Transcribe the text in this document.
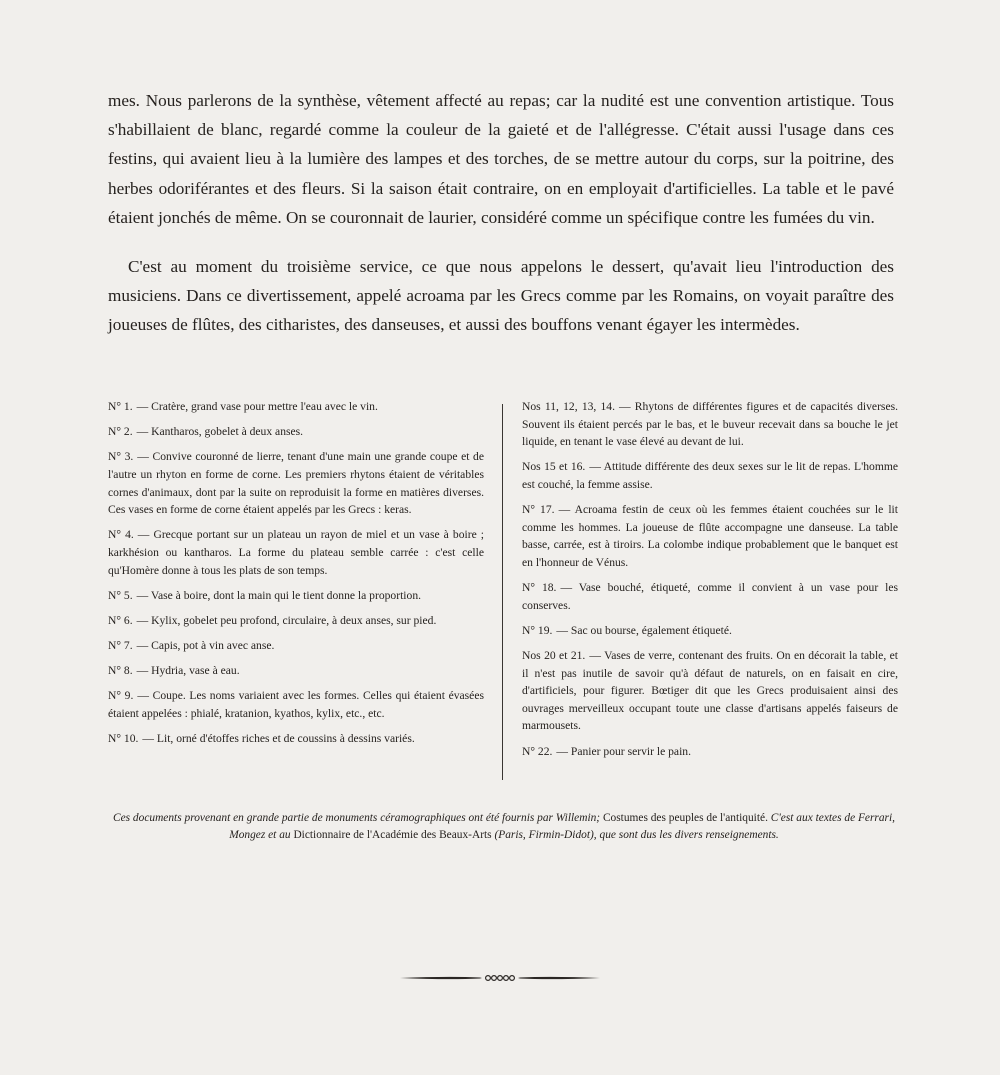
mes. Nous parlerons de la synthèse, vêtement affecté au repas; car la nudité est une convention artistique. Tous s'habillaient de blanc, regardé comme la couleur de la gaieté et de l'allégresse. C'était aussi l'usage dans ces festins, qui avaient lieu à la lumière des lampes et des torches, de se mettre autour du corps, sur la poitrine, des herbes odoriférantes et des fleurs. Si la saison était contraire, on en employait d'artificielles. La table et le pavé étaient jonchés de même. On se couronnait de laurier, considéré comme un spécifique contre les fumées du vin.

C'est au moment du troisième service, ce que nous appelons le dessert, qu'avait lieu l'introduction des musiciens. Dans ce divertissement, appelé acroama par les Grecs comme par les Romains, on voyait paraître des joueuses de flûtes, des citharistes, des danseuses, et aussi des bouffons venant égayer les intermèdes.

N° 1. — Cratère, grand vase pour mettre l'eau avec le vin.

N° 2. — Kantharos, gobelet à deux anses.

N° 3. — Convive couronné de lierre, tenant d'une main une grande coupe et de l'autre un rhyton en forme de corne. Les premiers rhytons étaient de véritables cornes d'animaux, dont par la suite on reproduisit la forme en matières diverses. Ces vases en forme de corne étaient appelés par les Grecs : keras.

N° 4. — Grecque portant sur un plateau un rayon de miel et un vase à boire ; karkhésion ou kantharos. La forme du plateau semble carrée : c'est celle qu'Homère donne à tous les plats de son temps.

N° 5. — Vase à boire, dont la main qui le tient donne la proportion.

N° 6. — Kylix, gobelet peu profond, circulaire, à deux anses, sur pied.

N° 7. — Capis, pot à vin avec anse.

N° 8. — Hydria, vase à eau.

N° 9. — Coupe. Les noms variaient avec les formes. Celles qui étaient évasées étaient appelées : phialé, kratanion, kyathos, kylix, etc., etc.

N° 10. — Lit, orné d'étoffes riches et de coussins à dessins variés.

Nos 11, 12, 13, 14. — Rhytons de différentes figures et de capacités diverses. Souvent ils étaient percés par le bas, et le buveur recevait dans sa bouche le jet liquide, en tenant le vase élevé au devant de lui.

Nos 15 et 16. — Attitude différente des deux sexes sur le lit de repas. L'homme est couché, la femme assise.

N° 17. — Acroama festin de ceux où les femmes étaient couchées sur le lit comme les hommes. La joueuse de flûte accompagne une danseuse. La table basse, carrée, est à tiroirs. La colombe indique probablement que le banquet est en l'honneur de Vénus.

N° 18. — Vase bouché, étiqueté, comme il convient à un vase pour les conserves.

N° 19. — Sac ou bourse, également étiqueté.

Nos 20 et 21. — Vases de verre, contenant des fruits. On en décorait la table, et il n'est pas inutile de savoir qu'à défaut de naturels, on en faisait en cire, d'artificiels, pour figurer. Bœtiger dit que les Grecs produisaient ainsi des ouvrages merveilleux occupant toute une classe d'artisans appelés faiseurs de marmousets.

N° 22. — Panier pour servir le pain.

Ces documents provenant en grande partie de monuments céramographiques ont été fournis par Willemin; Costumes des peuples de l'antiquité. C'est aux textes de Ferrari, Mongez et au Dictionnaire de l'Académie des Beaux-Arts (Paris, Firmin-Didot), que sont dus les divers renseignements.
